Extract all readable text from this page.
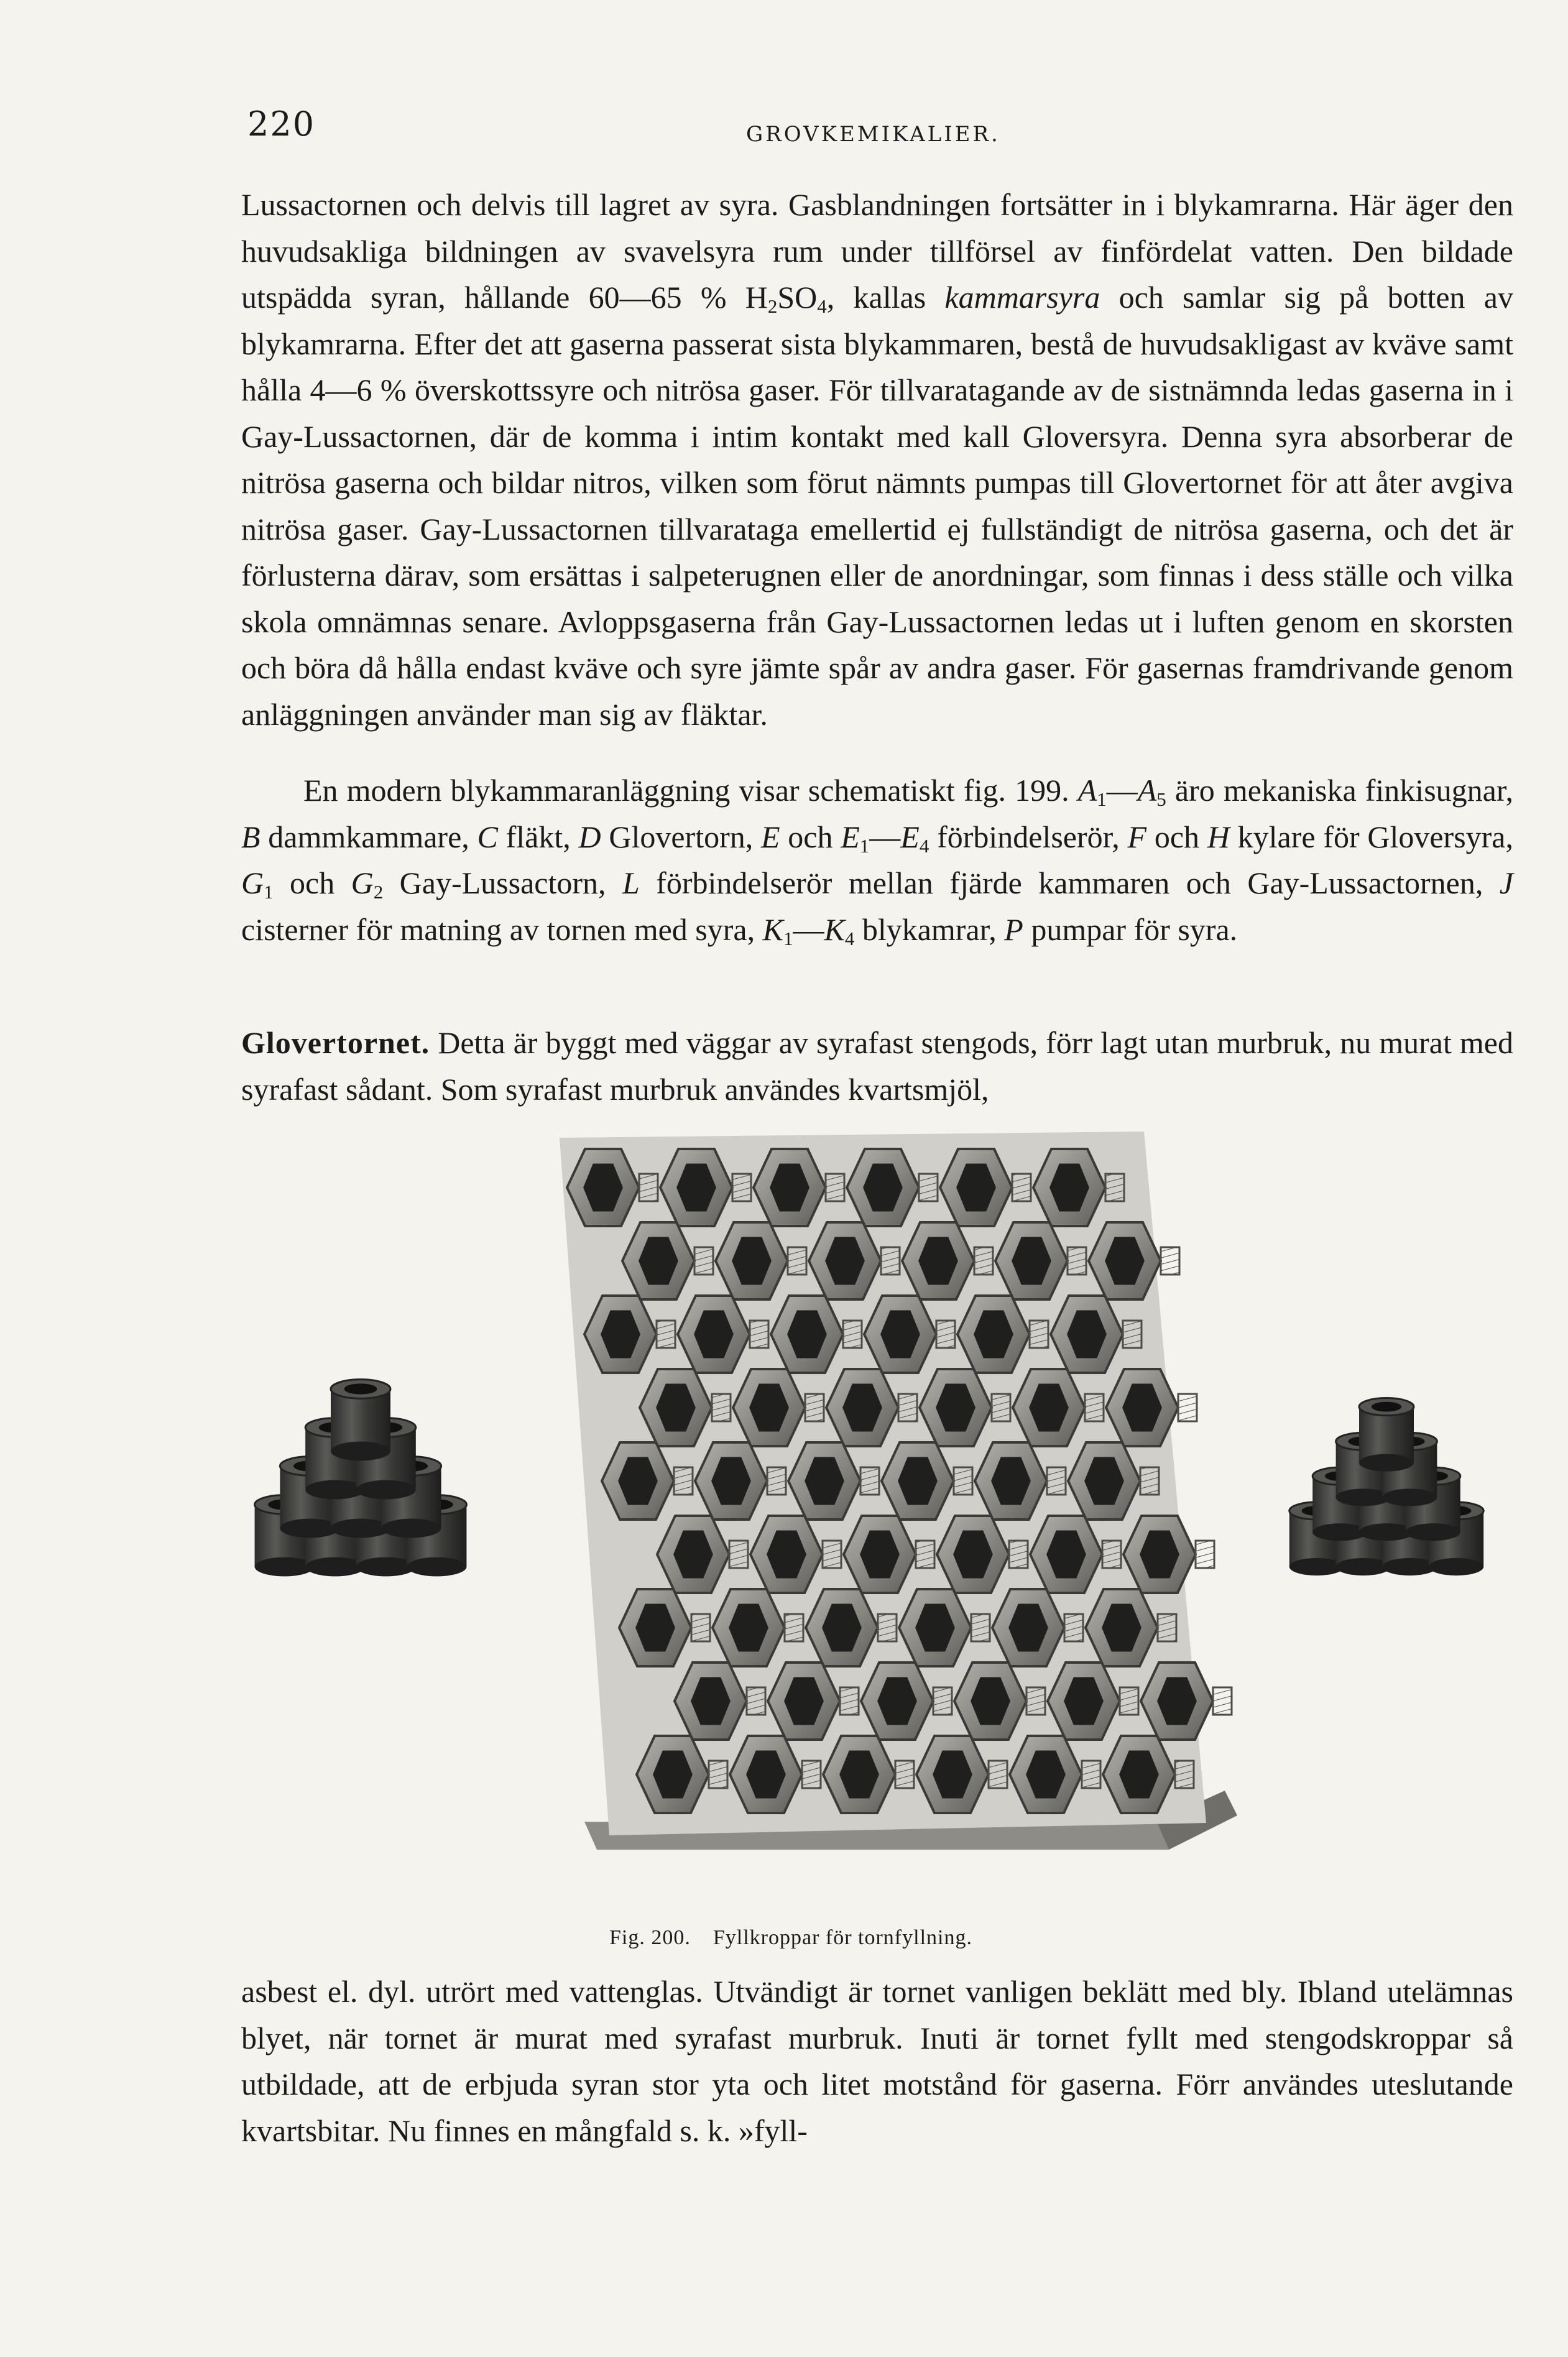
220	GROVKEMIKALIER.

Lussactornen och delvis till lagret av syra. Gasblandningen fortsätter in i blykamrarna. Här äger den huvudsakliga bildningen av svavelsyra rum under tillförsel av finfördelat vatten. Den bildade utspädda syran, hållande 60—65 % $H_2SO_4$, kallas kammarsyra och samlar sig på botten av blykamrarna. Efter det att gaserna passerat sista blykammaren, bestå de huvudsakligast av kväve samt hålla 4—6 % överskottssyre och nitrösa gaser. För tillvaratagande av de sistnämnda ledas gaserna in i Gay-Lussactornen, där de komma i intim kontakt med kall Gloversyra. Denna syra absorberar de nitrösa gaserna och bildar nitros, vilken som förut nämnts pumpas till Glovertornet för att åter avgiva nitrösa gaser. Gay-Lussactornen tillvaratagа emellertid ej fullständigt de nitrösa gaserna, och det är förlusterna därav, som ersättas i salpeterugnen eller de anordningar, som finnas i dess ställe och vilka skola omnämnas senare. Avloppsgaserna från Gay-Lussactornen ledas ut i luften genom en skorsten och böra då hålla endast kväve och syre jämte spår av andra gaser. För gasernas framdrivande genom anläggningen använder man sig av fläktar.

En modern blykammaranläggning visar schematiskt fig. 199. $A_1—A_5$ äro mekaniska finkisugnar, B dammkammare, C fläkt, D Glovertorn, E och $E_1—E_4$ förbindelserör, F och H kylare för Gloversyra, $G_1$ och $G_2$ Gay-Lussactorn, L förbindelserör mellan fjärde kammaren och Gay-Lussactornen, J cisterner för matning av tornen med syra, $K_1—K_4$ blykamrar, P pumpar för syra.

Glovertornet. Detta är byggt med väggar av syrafast stengods, förr lagt utan murbruk, nu murat med syrafast sådant. Som syrafast murbruk användes kvartsmjöl,

Fig. 200. Fyllkroppar för tornfyllning.

asbest el. dyl. utrört med vattenglas. Utvändigt är tornet vanligen beklätt med bly. Ibland utelämnas blyet, när tornet är murat med syrafast murbruk. Inuti är tornet fyllt med stengodskroppar så utbildade, att de erbjuda syran stor yta och litet motstånd för gaserna. Förr användes uteslutande kvartsbitar. Nu finnes en mångfald s. k. »fyll-
